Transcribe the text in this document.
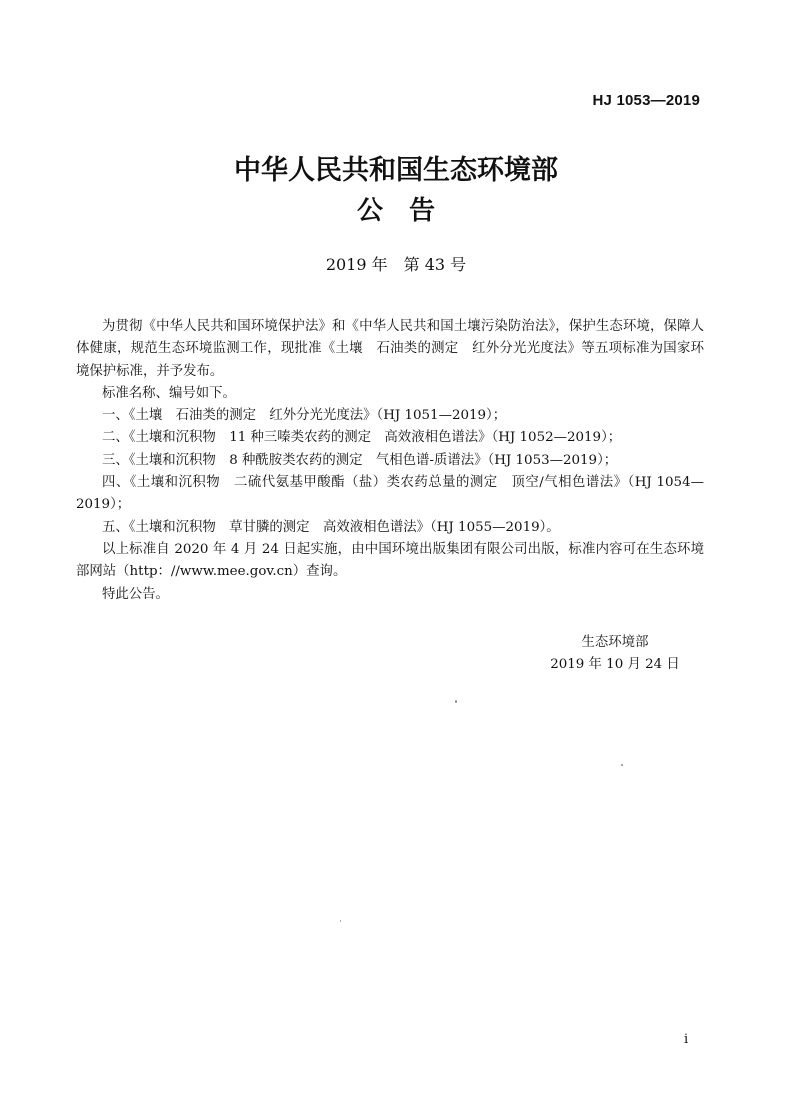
HJ 1053—2019
中华人民共和国生态环境部
公告
2019 年　第 43 号

为贯彻《中华人民共和国环境保护法》和《中华人民共和国土壤污染防治法》，保护生态环境，保障人体健康，规范生态环境监测工作，现批准《土壤　石油类的测定　红外分光光度法》等五项标准为国家环境保护标准，并予发布。

标准名称、编号如下。

一、《土壤　石油类的测定　红外分光光度法》（HJ 1051—2019）；

二、《土壤和沉积物　11 种三嗪类农药的测定　高效液相色谱法》（HJ 1052—2019）；

三、《土壤和沉积物　8 种酰胺类农药的测定　气相色谱-质谱法》（HJ 1053—2019）；

四、《土壤和沉积物　二硫代氨基甲酸酯（盐）类农药总量的测定　顶空/气相色谱法》（HJ 1054—2019）；

五、《土壤和沉积物　草甘膦的测定　高效液相色谱法》（HJ 1055—2019）。

以上标准自 2020 年 4 月 24 日起实施，由中国环境出版集团有限公司出版，标准内容可在生态环境部网站（http：//www.mee.gov.cn）查询。

特此公告。

生态环境部
2019 年 10 月 24 日
i
